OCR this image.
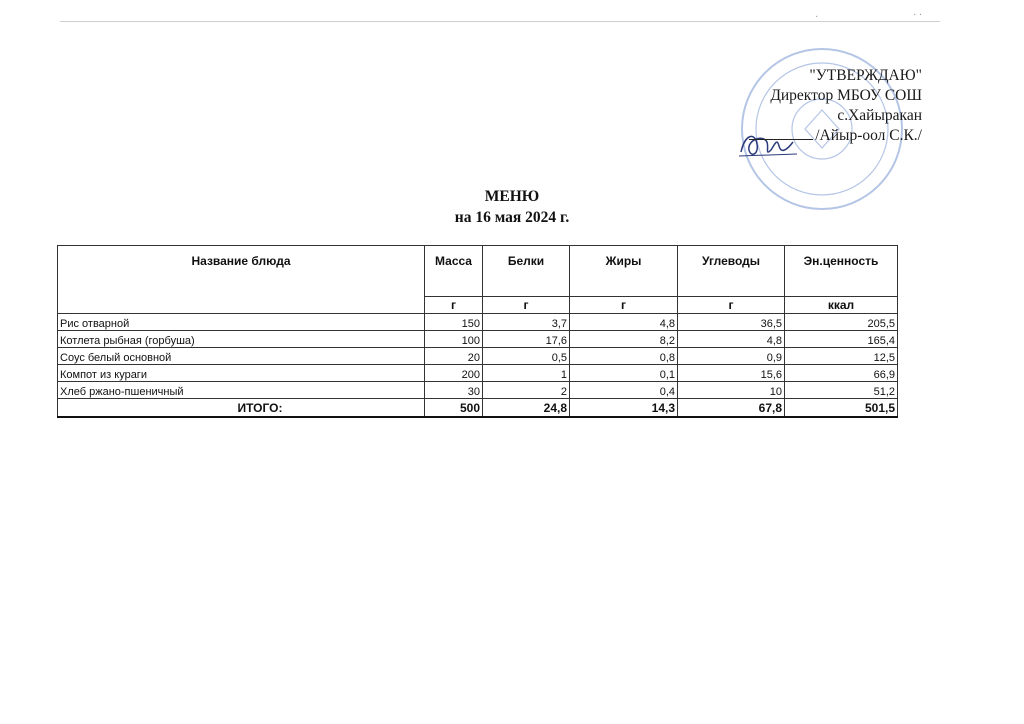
·	· ·
"УТВЕРЖДАЮ"
Директор МБОУ СОШ
с.Хайыракан
/Айыр-оол С.К./
МЕНЮ
на 16 мая 2024 г.
Название блюда	Масса	Белки	Жиры	Углеводы	Эн.ценность
	г	г	г	г	ккал
Рис отварной	150	3,7	4,8	36,5	205,5
Котлета рыбная (горбуша)	100	17,6	8,2	4,8	165,4
Соус белый основной	20	0,5	0,8	0,9	12,5
Компот из кураги	200	1	0,1	15,6	66,9
Хлеб ржано-пшеничный	30	2	0,4	10	51,2
ИТОГО:	500	24,8	14,3	67,8	501,5
